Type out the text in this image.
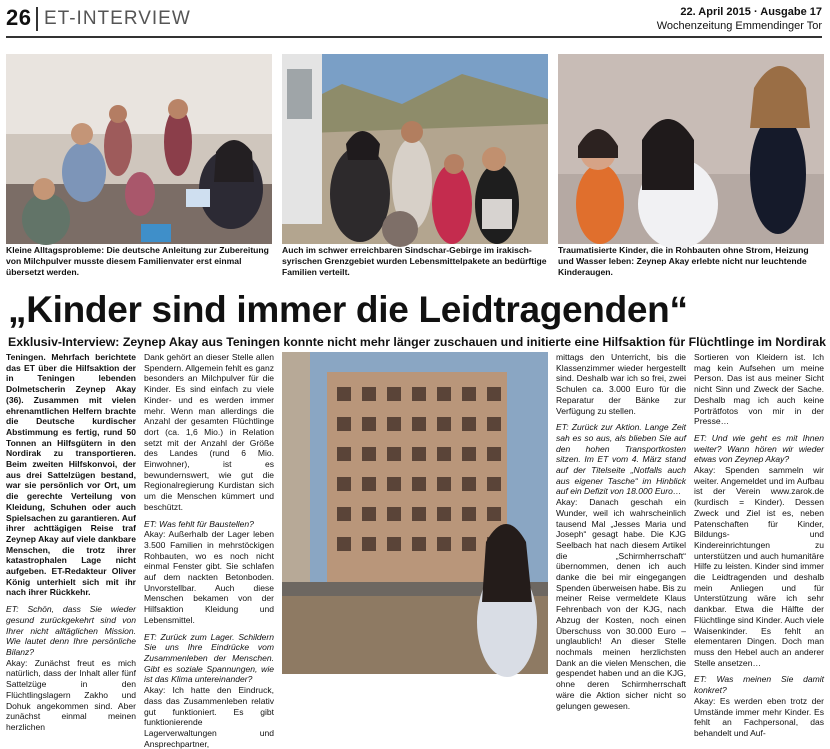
26 ET-INTERVIEW	22. April 2015 · Ausgabe 17
Wochenzeitung Emmendinger Tor
Kleine Alltagsprobleme: Die deutsche Anleitung zur Zubereitung von Milchpulver musste diesem Familienvater erst einmal übersetzt werden.
Auch im schwer erreichbaren Sindschar-Gebirge im irakisch-syrischen Grenzgebiet wurden Lebensmittelpakete an bedürftige Familien verteilt.
Traumatisierte Kinder, die in Rohbauten ohne Strom, Heizung und Wasser leben: Zeynep Akay erlebte nicht nur leuchtende Kinderaugen.
„Kinder sind immer die Leidtragenden“
Exklusiv-Interview: Zeynep Akay aus Teningen konnte nicht mehr länger zuschauen und initierte eine Hilfsaktion für Flüchtlinge im Nordirak

Teningen. Mehrfach berichtete das ET über die Hilfsaktion der in Teningen lebenden Dolmetscherin Zeynep Akay (36). Zusammen mit vielen ehrenamtlichen Helfern brachte die Deutsche kurdischer Abstimmung es fertig, rund 50 Tonnen an Hilfsgütern in den Nordirak zu transportieren. Beim zweiten Hilfskonvoi, der aus drei Sattelzügen bestand, war sie persönlich vor Ort, um die gerechte Verteilung von Kleidung, Schuhen oder auch Spielsachen zu garantieren. Auf ihrer achttägigen Reise traf Zeynep Akay auf viele dankbare Menschen, die trotz ihrer katastrophalen Lage nicht aufgeben. ET-Redakteur Oliver König unterhielt sich mit ihr nach ihrer Rückkehr.

ET: Schön, dass Sie wieder gesund zurückgekehrt sind von Ihrer nicht alltäglichen Mission. Wie lautet denn Ihre persönliche Bilanz?

Akay: Zunächst freut es mich natürlich, dass der Inhalt aller fünf Sattelzüge in den Flüchtlingslagern Zakho und Dohuk angekommen sind. Aber zunächst einmal meinen herzlichen

Dank gehört an dieser Stelle allen Spendern. Allgemein fehlt es ganz besonders an Milchpulver für die Kinder. Es sind einfach zu viele Kinder- und es werden immer mehr. Wenn man allerdings die Anzahl der gesamten Flüchtlinge dort (ca. 1,6 Mio.) in Relation setzt mit der Anzahl der Größe des Landes (rund 6 Mio. Einwohner), ist es bewundernswert, wie gut die Regionalregierung Kurdistan sich um die Menschen kümmert und beschützt.

ET: Was fehlt für Baustellen?

Akay: Außerhalb der Lager leben 3.500 Familien in mehrstöckigen Rohbauten, wo es noch nicht einmal Fenster gibt. Sie schlafen auf dem nackten Betonboden. Unvorstellbar. Auch diese Menschen bekamen von der Hilfsaktion Kleidung und Lebensmittel.

ET: Zurück zum Lager. Schildern Sie uns Ihre Eindrücke vom Zusammenleben der Menschen. Gibt es soziale Spannungen, wie ist das Klima untereinander?

Akay: Ich hatte den Eindruck, dass das Zusammenleben relativ gut funktioniert. Es gibt funktionierende Lagerverwaltungen und Ansprechpartner,

mittags den Unterricht, bis die Klassenzimmer wieder hergestellt sind. Deshalb war ich so frei, zwei Schulen ca. 3.000 Euro für die Reparatur der Bänke zur Verfügung zu stellen.

ET: Zurück zur Aktion. Lange Zeit sah es so aus, als blieben Sie auf den hohen Transportkosten sitzen. Im ET vom 4. März stand auf der Titelseite „Notfalls auch aus eigener Tasche“ im Hinblick auf ein Defizit von 18.000 Euro…

Akay: Danach geschah ein Wunder, weil ich wahrscheinlich tausend Mal „Jesses Maria und Joseph“ gesagt habe. Die KJG Seelbach hat nach diesem Artikel die „Schirmherrschaft“ übernommen, denen ich auch danke die bei mir eingegangen Spenden überweisen habe. Bis zu meiner Reise vermeldete Klaus Fehrenbach von der KJG, nach Abzug der Kosten, noch einen Überschuss von 30.000 Euro – unglaublich! An dieser Stelle nochmals meinen herzlichsten Dank an die vielen Menschen, die gespendet haben und an die KJG, ohne deren Schirmherrschaft wäre die Aktion sicher nicht so gelungen gewesen.

Sortieren von Kleidern ist. Ich mag kein Aufsehen um meine Person. Das ist aus meiner Sicht nicht Sinn und Zweck der Sache. Deshalb mag ich auch keine Porträtfotos von mir in der Presse…

ET: Und wie geht es mit Ihnen weiter? Wann hören wir wieder etwas von Zeynep Akay?

Akay: Spenden sammeln wir weiter. Angemeldet und im Aufbau ist der Verein www.zarok.de (kurdisch = Kinder). Dessen Zweck und Ziel ist es, neben Patenschaften für Kinder, Bildungs- und Kindereinrichtungen zu unterstützen und auch humanitäre Hilfe zu leisten. Kinder sind immer die Leidtragenden und deshalb mein Anliegen und für Unterstützung wäre ich sehr dankbar. Etwa die Hälfte der Flüchtlinge sind Kinder. Auch viele Waisenkinder. Es fehlt an elementaren Dingen. Doch man muss den Hebel auch an anderer Stelle ansetzen…

ET: Was meinen Sie damit konkret?

Akay: Es werden eben trotz der Umstände immer mehr Kinder. Es fehlt an Fachpersonal, das behandelt und Auf-
